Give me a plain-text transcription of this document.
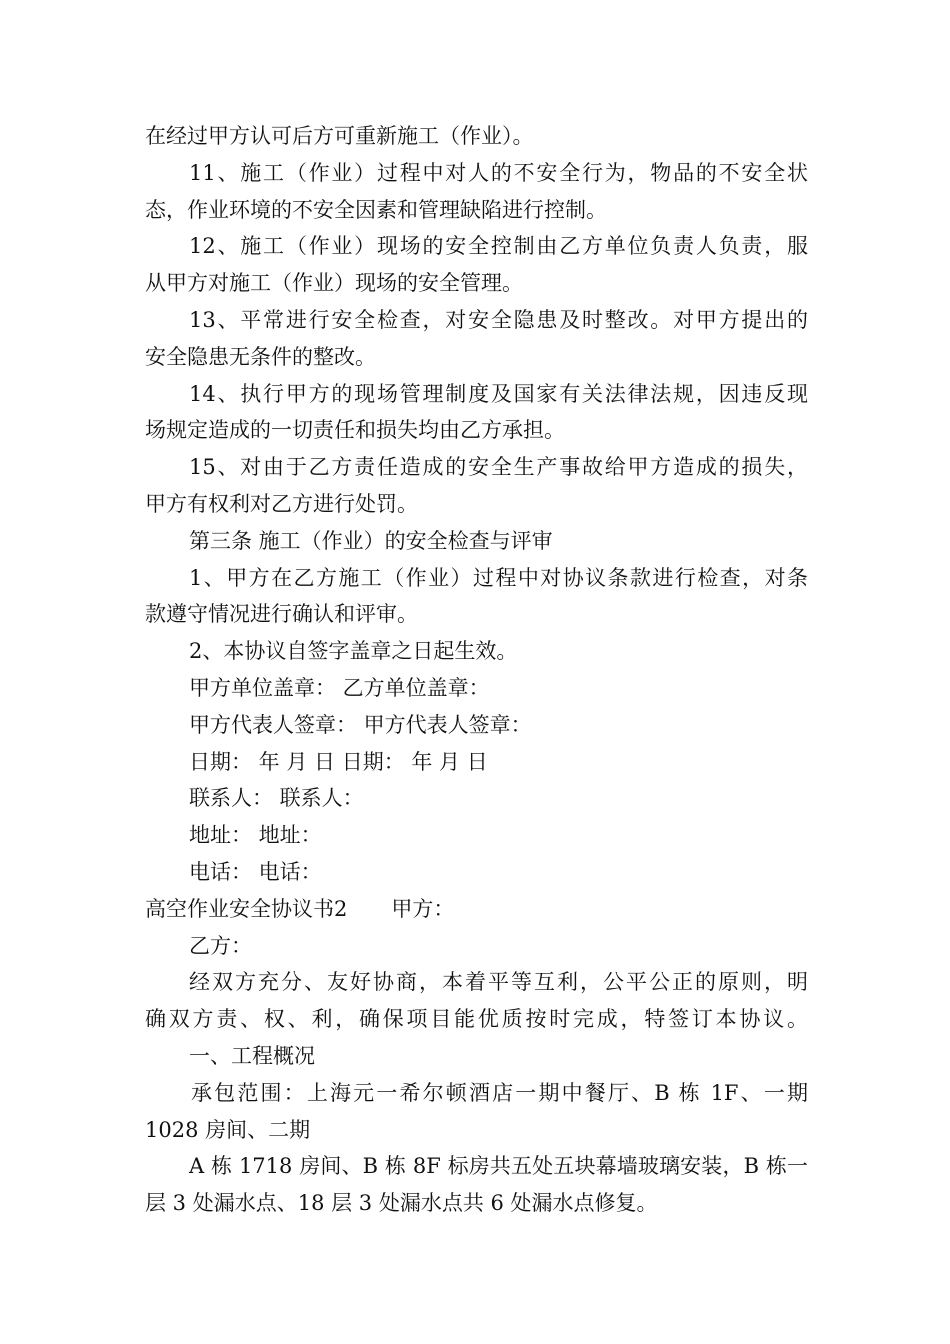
在经过甲方认可后方可重新施工（作业）。
11、施工（作业）过程中对人的不安全行为，物品的不安全状
态，作业环境的不安全因素和管理缺陷进行控制。
12、施工（作业）现场的安全控制由乙方单位负责人负责，服
从甲方对施工（作业）现场的安全管理。
13、平常进行安全检查，对安全隐患及时整改。对甲方提出的
安全隐患无条件的整改。
14、执行甲方的现场管理制度及国家有关法律法规，因违反现
场规定造成的一切责任和损失均由乙方承担。
15、对由于乙方责任造成的安全生产事故给甲方造成的损失，
甲方有权利对乙方进行处罚。
第三条 施工（作业）的安全检查与评审
1、甲方在乙方施工（作业）过程中对协议条款进行检查，对条
款遵守情况进行确认和评审。
2、本协议自签字盖章之日起生效。
甲方单位盖章： 乙方单位盖章：
甲方代表人签章： 甲方代表人签章：
日期： 年 月 日 日期： 年 月 日
联系人： 联系人：
地址： 地址：
电话： 电话：
高空作业安全协议书2 甲方：
乙方：
经双方充分、友好协商，本着平等互利，公平公正的原则，明
确双方责、权、利，确保项目能优质按时完成，特签订本协议。
一、工程概况
承包范围：上海元一希尔顿酒店一期中餐厅、B 栋 1F、一期
1028 房间、二期
A 栋 1718 房间、B 栋 8F 标房共五处五块幕墙玻璃安装，B 栋一
层 3 处漏水点、18 层 3 处漏水点共 6 处漏水点修复。
